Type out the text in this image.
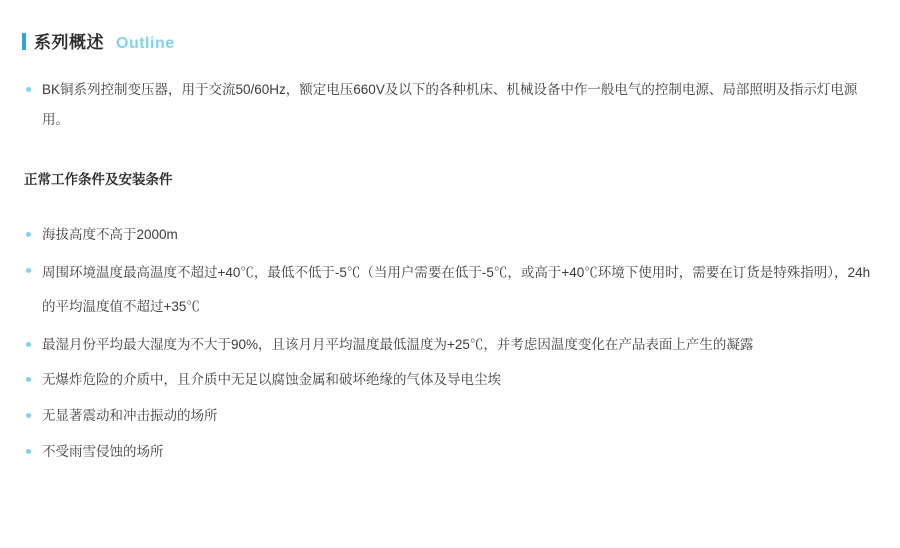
系列概述 Outline
BK铜系列控制变压器，用于交流50/60Hz，额定电压660V及以下的各种机床、机械设备中作一般电气的控制电源、局部照明及指示灯电源用。
正常工作条件及安装条件
海拔高度不高于2000m
周围环境温度最高温度不超过+40℃，最低不低于-5℃（当用户需要在低于-5℃，或高于+40℃环境下使用时，需要在订货是特殊指明），24h的平均温度值不超过+35℃
最湿月份平均最大湿度为不大于90%，且该月月平均温度最低温度为+25℃，并考虑因温度变化在产品表面上产生的凝露
无爆炸危险的介质中，且介质中无足以腐蚀金属和破坏绝缘的气体及导电尘埃
无显著震动和冲击振动的场所
不受雨雪侵蚀的场所
